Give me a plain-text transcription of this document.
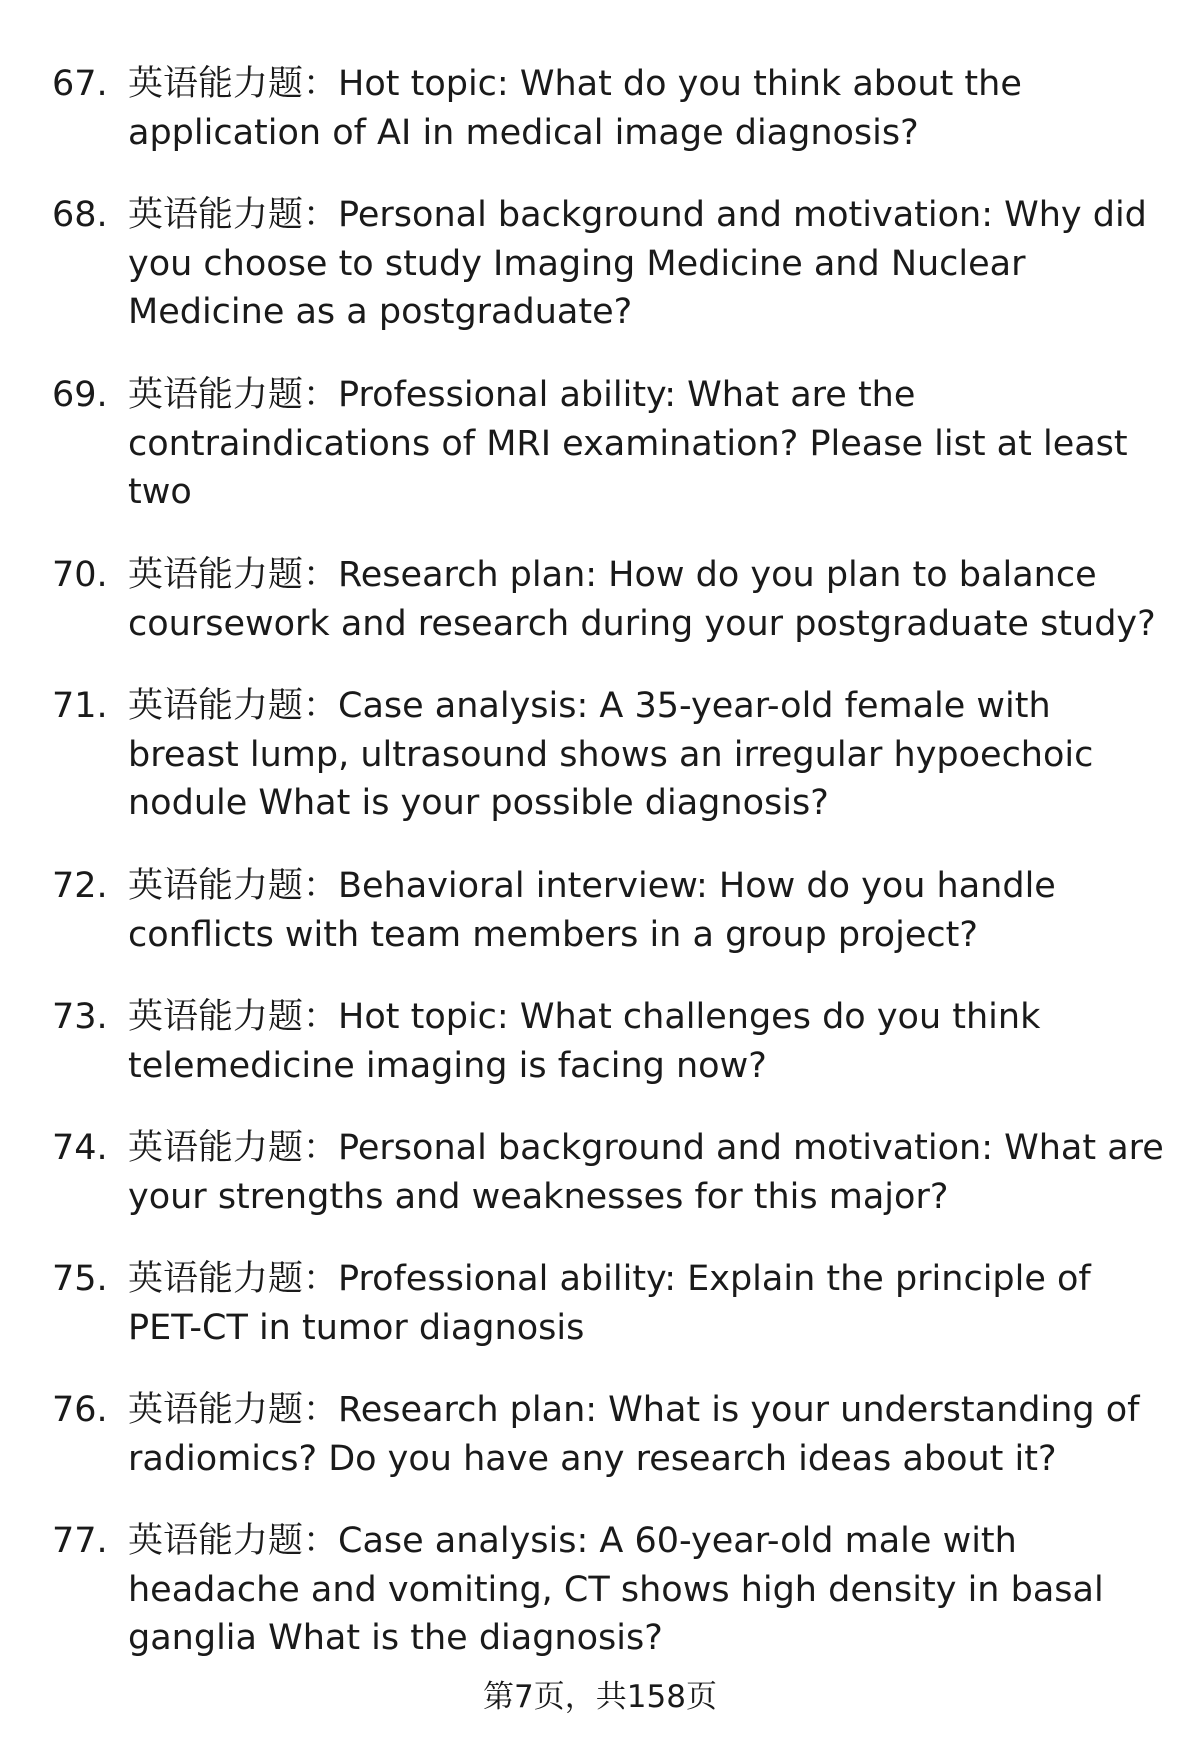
67. 英语能力题：Hot topic: What do you think about the application of AI in medical image diagnosis?
68. 英语能力题：Personal background and motivation: Why did you choose to study Imaging Medicine and Nuclear Medicine as a postgraduate?
69. 英语能力题：Professional ability: What are the contraindications of MRI examination? Please list at least two
70. 英语能力题：Research plan: How do you plan to balance coursework and research during your postgraduate study?
71. 英语能力题：Case analysis: A 35-year-old female with breast lump, ultrasound shows an irregular hypoechoic nodule What is your possible diagnosis?
72. 英语能力题：Behavioral interview: How do you handle conflicts with team members in a group project?
73. 英语能力题：Hot topic: What challenges do you think telemedicine imaging is facing now?
74. 英语能力题：Personal background and motivation: What are your strengths and weaknesses for this major?
75. 英语能力题：Professional ability: Explain the principle of PET-CT in tumor diagnosis
76. 英语能力题：Research plan: What is your understanding of radiomics? Do you have any research ideas about it?
77. 英语能力题：Case analysis: A 60-year-old male with headache and vomiting, CT shows high density in basal ganglia What is the diagnosis?
第7页，共158页
